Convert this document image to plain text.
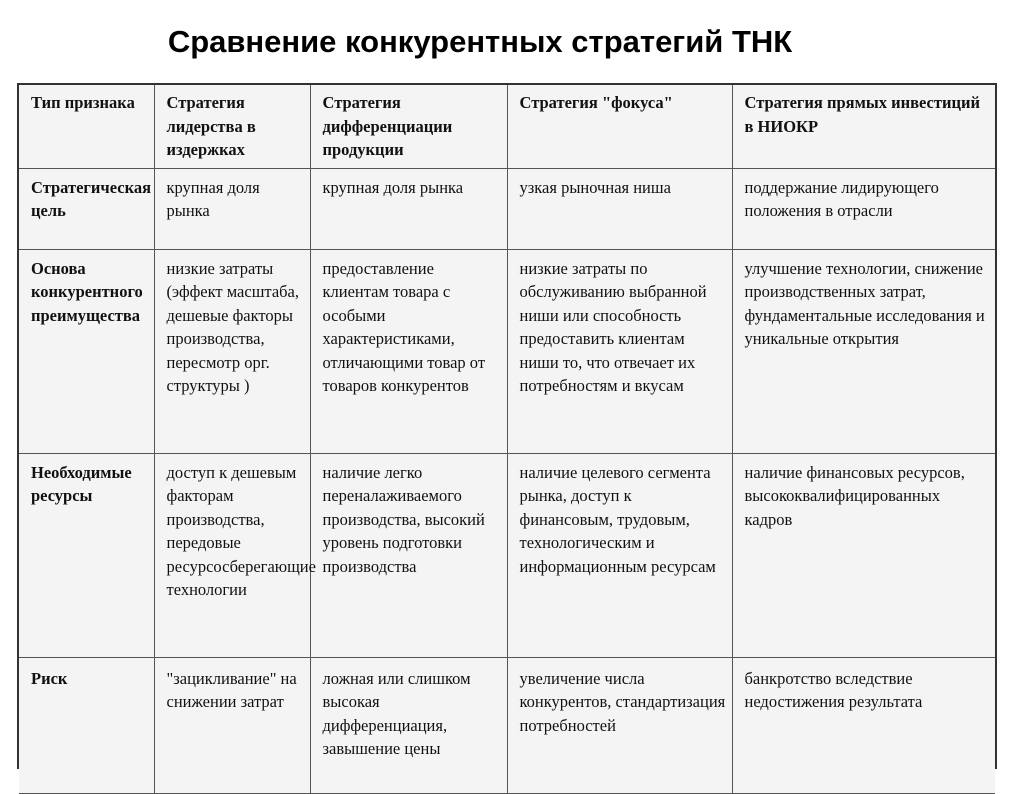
Сравнение конкурентных стратегий ТНК
Тип признака	Стратегия лидерства в издержках	Стратегия дифференциации продукции	Стратегия "фокуса"	Стратегия прямых инвестиций в НИОКР
Стратегическая цель	крупная доля рынка	крупная доля рынка	узкая рыночная ниша	поддержание лидирующего положения в отрасли
Основа конкурентного преимущества	низкие затраты (эффект масштаба, дешевые факторы производства, пересмотр орг. структуры )	предоставление клиентам товара с особыми характеристиками, отличающими товар от товаров конкурентов	низкие затраты по обслуживанию выбранной ниши или способность предоставить клиентам ниши то, что отвечает их потребностям и вкусам	улучшение технологии, снижение производственных затрат, фундаментальные исследования и уникальные открытия
Необходимые ресурсы	доступ к дешевым факторам производства, передовые ресурсосберегающие технологии	наличие легко переналаживаемого производства, высокий уровень подготовки производства	наличие целевого сегмента рынка, доступ к финансовым, трудовым, технологическим и информационным ресурсам	наличие финансовых ресурсов, высококвалифицированных кадров
Риск	"зацикливание" на снижении затрат	ложная или слишком высокая дифференциация, завышение цены	увеличение числа конкурентов, стандартизация потребностей	банкротство вследствие недостижения результата
